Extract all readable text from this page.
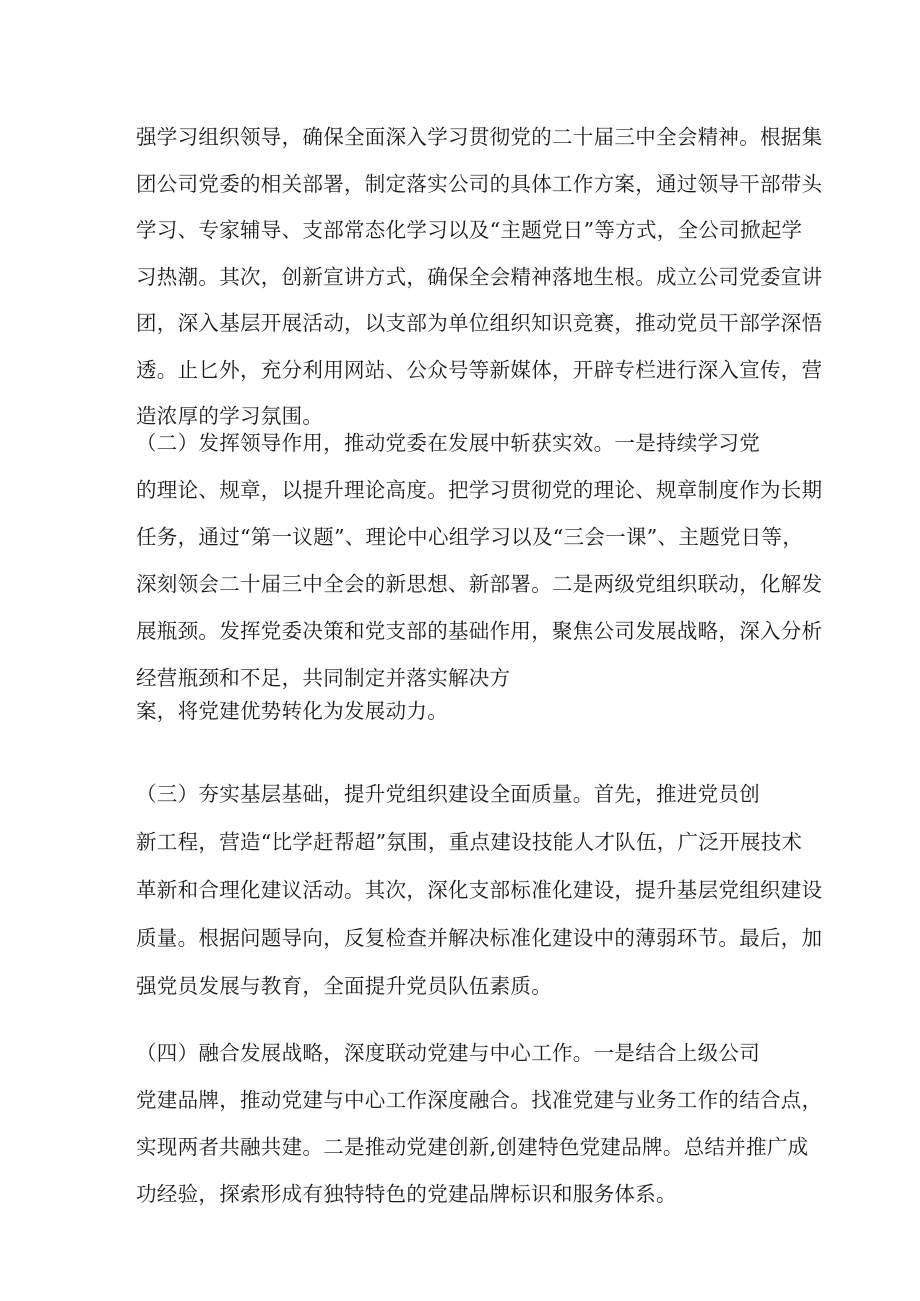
强学习组织领导，确保全面深入学习贯彻党的二十届三中全会精神。根据集
团公司党委的相关部署，制定落实公司的具体工作方案，通过领导干部带头
学习、专家辅导、支部常态化学习以及“主题党日”等方式，全公司掀起学
习热潮。其次，创新宣讲方式，确保全会精神落地生根。成立公司党委宣讲
团，深入基层开展活动，以支部为单位组织知识竞赛，推动党员干部学深悟
透。止匕外，充分利用网站、公众号等新媒体，开辟专栏进行深入宣传，营
造浓厚的学习氛围。
（二）发挥领导作用，推动党委在发展中斩获实效。一是持续学习党
的理论、规章，以提升理论高度。把学习贯彻党的理论、规章制度作为长期
任务，通过“第一议题”、理论中心组学习以及“三会一课”、主题党日等，
深刻领会二十届三中全会的新思想、新部署。二是两级党组织联动，化解发
展瓶颈。发挥党委决策和党支部的基础作用，聚焦公司发展战略，深入分析
经营瓶颈和不足，共同制定并落实解决方
案，将党建优势转化为发展动力。
（三）夯实基层基础，提升党组织建设全面质量。首先，推进党员创
新工程，营造“比学赶帮超”氛围，重点建设技能人才队伍，广泛开展技术
革新和合理化建议活动。其次，深化支部标准化建设，提升基层党组织建设
质量。根据问题导向，反复检查并解决标准化建设中的薄弱环节。最后，加
强党员发展与教育，全面提升党员队伍素质。
（四）融合发展战略，深度联动党建与中心工作。一是结合上级公司
党建品牌，推动党建与中心工作深度融合。找准党建与业务工作的结合点，
实现两者共融共建。二是推动党建创新,创建特色党建品牌。总结并推广成
功经验，探索形成有独特特色的党建品牌标识和服务体系。
